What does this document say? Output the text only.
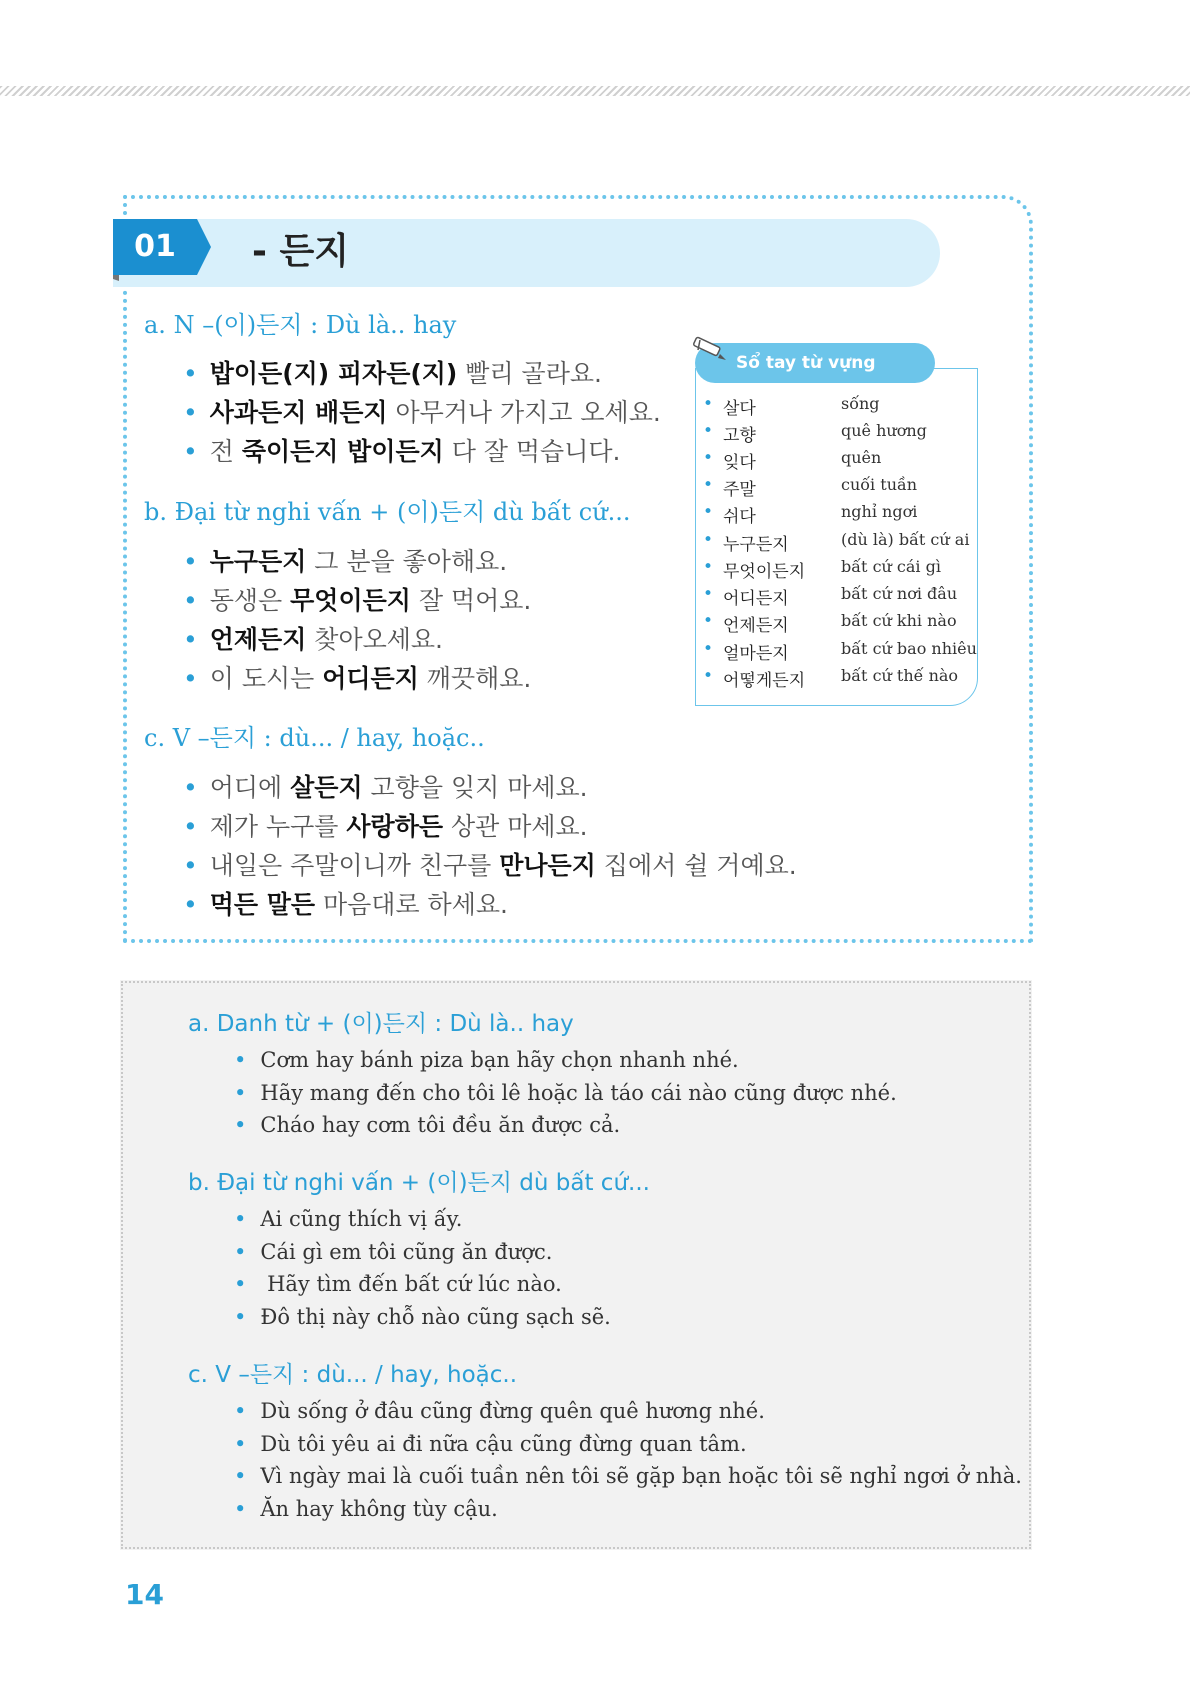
01	- 든지
a. N –(이)든지 : Dù là.. hay
• 밥이든(지) 피자든(지) 빨리 골라요.
• 사과든지 배든지 아무거나 가지고 오세요.
• 전 죽이든지 밥이든지 다 잘 먹습니다.
b. Đại từ nghi vấn + (이)든지 dù bất cứ...
• 누구든지 그 분을 좋아해요.
• 동생은 무엇이든지 잘 먹어요.
• 언제든지 찾아오세요.
• 이 도시는 어디든지 깨끗해요.
c. V –든지 : dù... / hay, hoặc..
• 어디에 살든지 고향을 잊지 마세요.
• 제가 누구를 사랑하든 상관 마세요.
• 내일은 주말이니까 친구를 만나든지 집에서 쉴 거예요.
• 먹든 말든 마음대로 하세요.
Sổ tay từ vựng
• 살다	sống
• 고향	quê hương
• 잊다	quên
• 주말	cuối tuần
• 쉬다	nghỉ ngơi
• 누구든지	(dù là) bất cứ ai
• 무엇이든지 bất cứ cái gì
• 어디든지	bất cứ nơi đâu
• 언제든지	bất cứ khi nào
• 얼마든지	bất cứ bao nhiêu
• 어떻게든지 bất cứ thế nào
a. Danh từ + (이)든지 : Dù là.. hay
• Cơm hay bánh piza bạn hãy chọn nhanh nhé.
• Hãy mang đến cho tôi lê hoặc là táo cái nào cũng được nhé.
• Cháo hay cơm tôi đều ăn được cả.
b. Đại từ nghi vấn + (이)든지 dù bất cứ...
• Ai cũng thích vị ấy.
• Cái gì em tôi cũng ăn được.
• Hãy tìm đến bất cứ lúc nào.
• Đô thị này chỗ nào cũng sạch sẽ.
c. V –든지 : dù... / hay, hoặc..
• Dù sống ở đâu cũng đừng quên quê hương nhé.
• Dù tôi yêu ai đi nữa cậu cũng đừng quan tâm.
• Vì ngày mai là cuối tuần nên tôi sẽ gặp bạn hoặc tôi sẽ nghỉ ngơi ở nhà.
• Ăn hay không tùy cậu.
14
